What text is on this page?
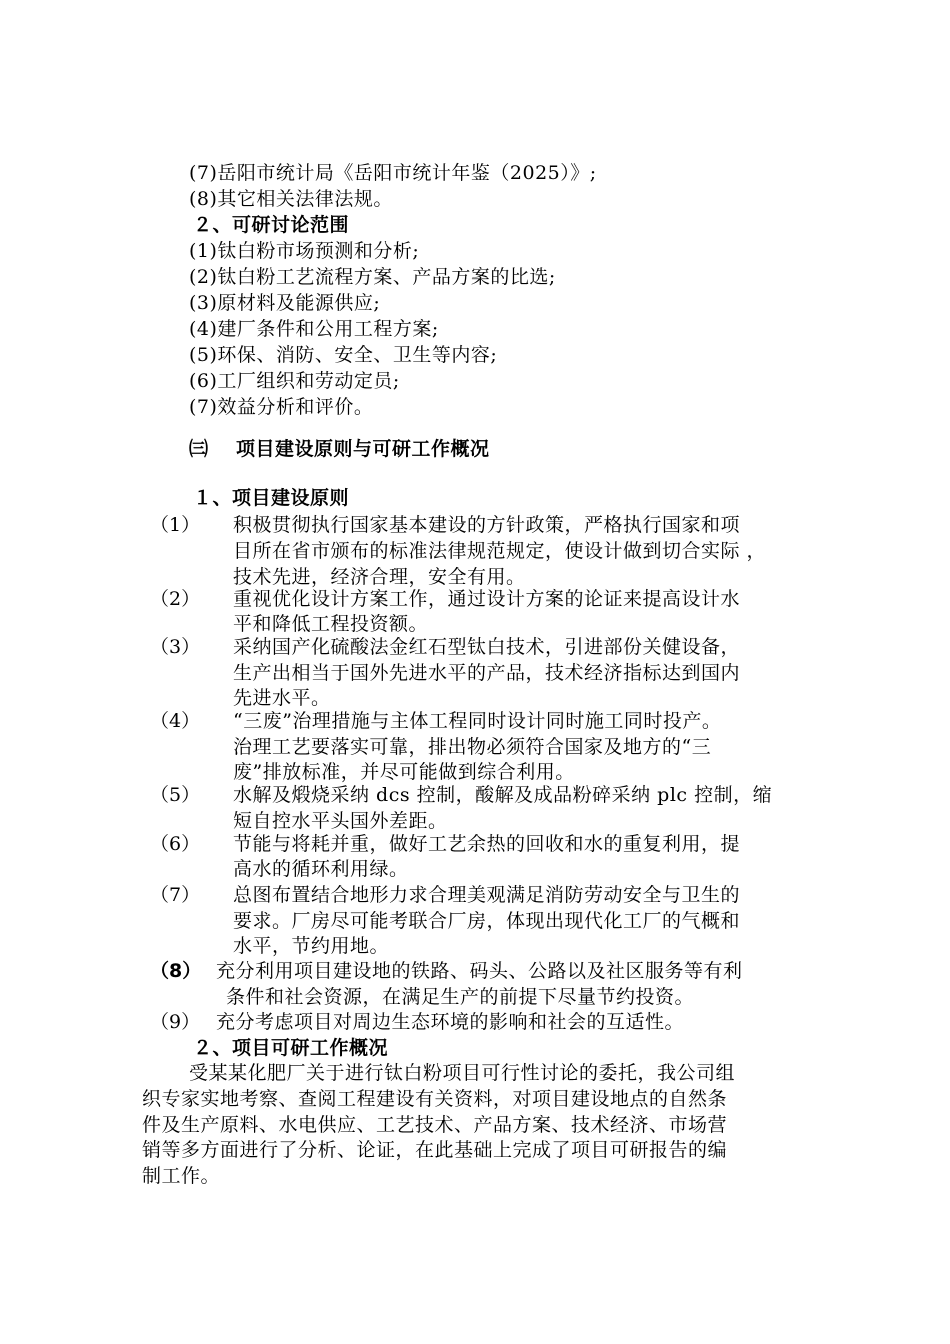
(7)岳阳市统计局《岳阳市统计年鉴（2025）》;
(8)其它相关法律法规。
２、可研讨论范围
(1)钛白粉市场预测和分析;
(2)钛白粉工艺流程方案、产品方案的比选;
(3)原材料及能源供应;
(4)建厂条件和公用工程方案;
(5)环保、消防、安全、卫生等内容;
(6)工厂组织和劳动定员;
(7)效益分析和评价。
㈢ 项目建设原则与可研工作概况
１、项目建设原则
（1） 积极贯彻执行国家基本建设的方针政策，严格执行国家和项
目所在省市颁布的标准法律规范规定，使设计做到切合实际 ，
技术先进，经济合理，安全有用。
（2） 重视优化设计方案工作，通过设计方案的论证来提高设计水
平和降低工程投资额。
（3） 采纳国产化硫酸法金红石型钛白技术，引进部份关健设备，
生产出相当于国外先进水平的产品，技术经济指标达到国内
先进水平。
（4） “三废”治理措施与主体工程同时设计同时施工同时投产。
治理工艺要落实可靠，排出物必须符合国家及地方的“三
废”排放标准，并尽可能做到综合利用。
（5） 水解及煅烧采纳 dcs 控制，酸解及成品粉碎采纳 plc 控制，缩
短自控水平头国外差距。
（6） 节能与将耗并重，做好工艺余热的回收和水的重复利用，提
高水的循环利用绿。
（7） 总图布置结合地形力求合理美观满足消防劳动安全与卫生的
要求。厂房尽可能考联合厂房，体现出现代化工厂的气概和
水平，节约用地。
（8） 充分利用项目建设地的铁路、码头、公路以及社区服务等有利
条件和社会资源，在满足生产的前提下尽量节约投资。
（9） 充分考虑项目对周边生态环境的影响和社会的互适性。
２、项目可研工作概况
受某某化肥厂关于进行钛白粉项目可行性讨论的委托，我公司组
织专家实地考察、查阅工程建设有关资料，对项目建设地点的自然条
件及生产原料、水电供应、工艺技术、产品方案、技术经济、市场营
销等多方面进行了分析、论证，在此基础上完成了项目可研报告的编
制工作。
